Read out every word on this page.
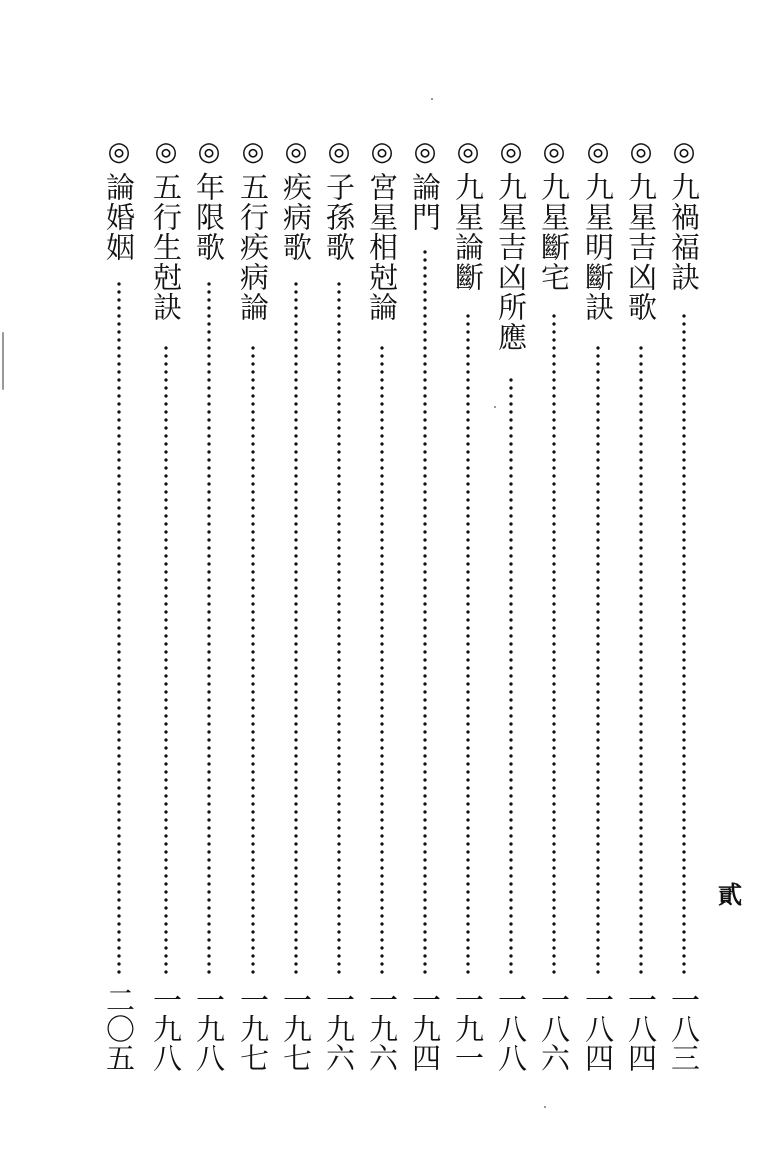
◎
九禍福訣
一八三
◎
九星吉凶歌
一八四
◎
九星明斷訣
一八四
◎
九星斷宅
一八六
◎
九星吉凶所應
一八八
◎
九星論斷
一九一
◎
論門
一九四
◎
宮星相尅論
一九六
◎
子孫歌
一九六
◎
疾病歌
一九七
◎
五行疾病論
一九七
◎
年限歌
一九八
◎
五行生尅訣
一九八
◎
論婚姻
二〇五
貳
